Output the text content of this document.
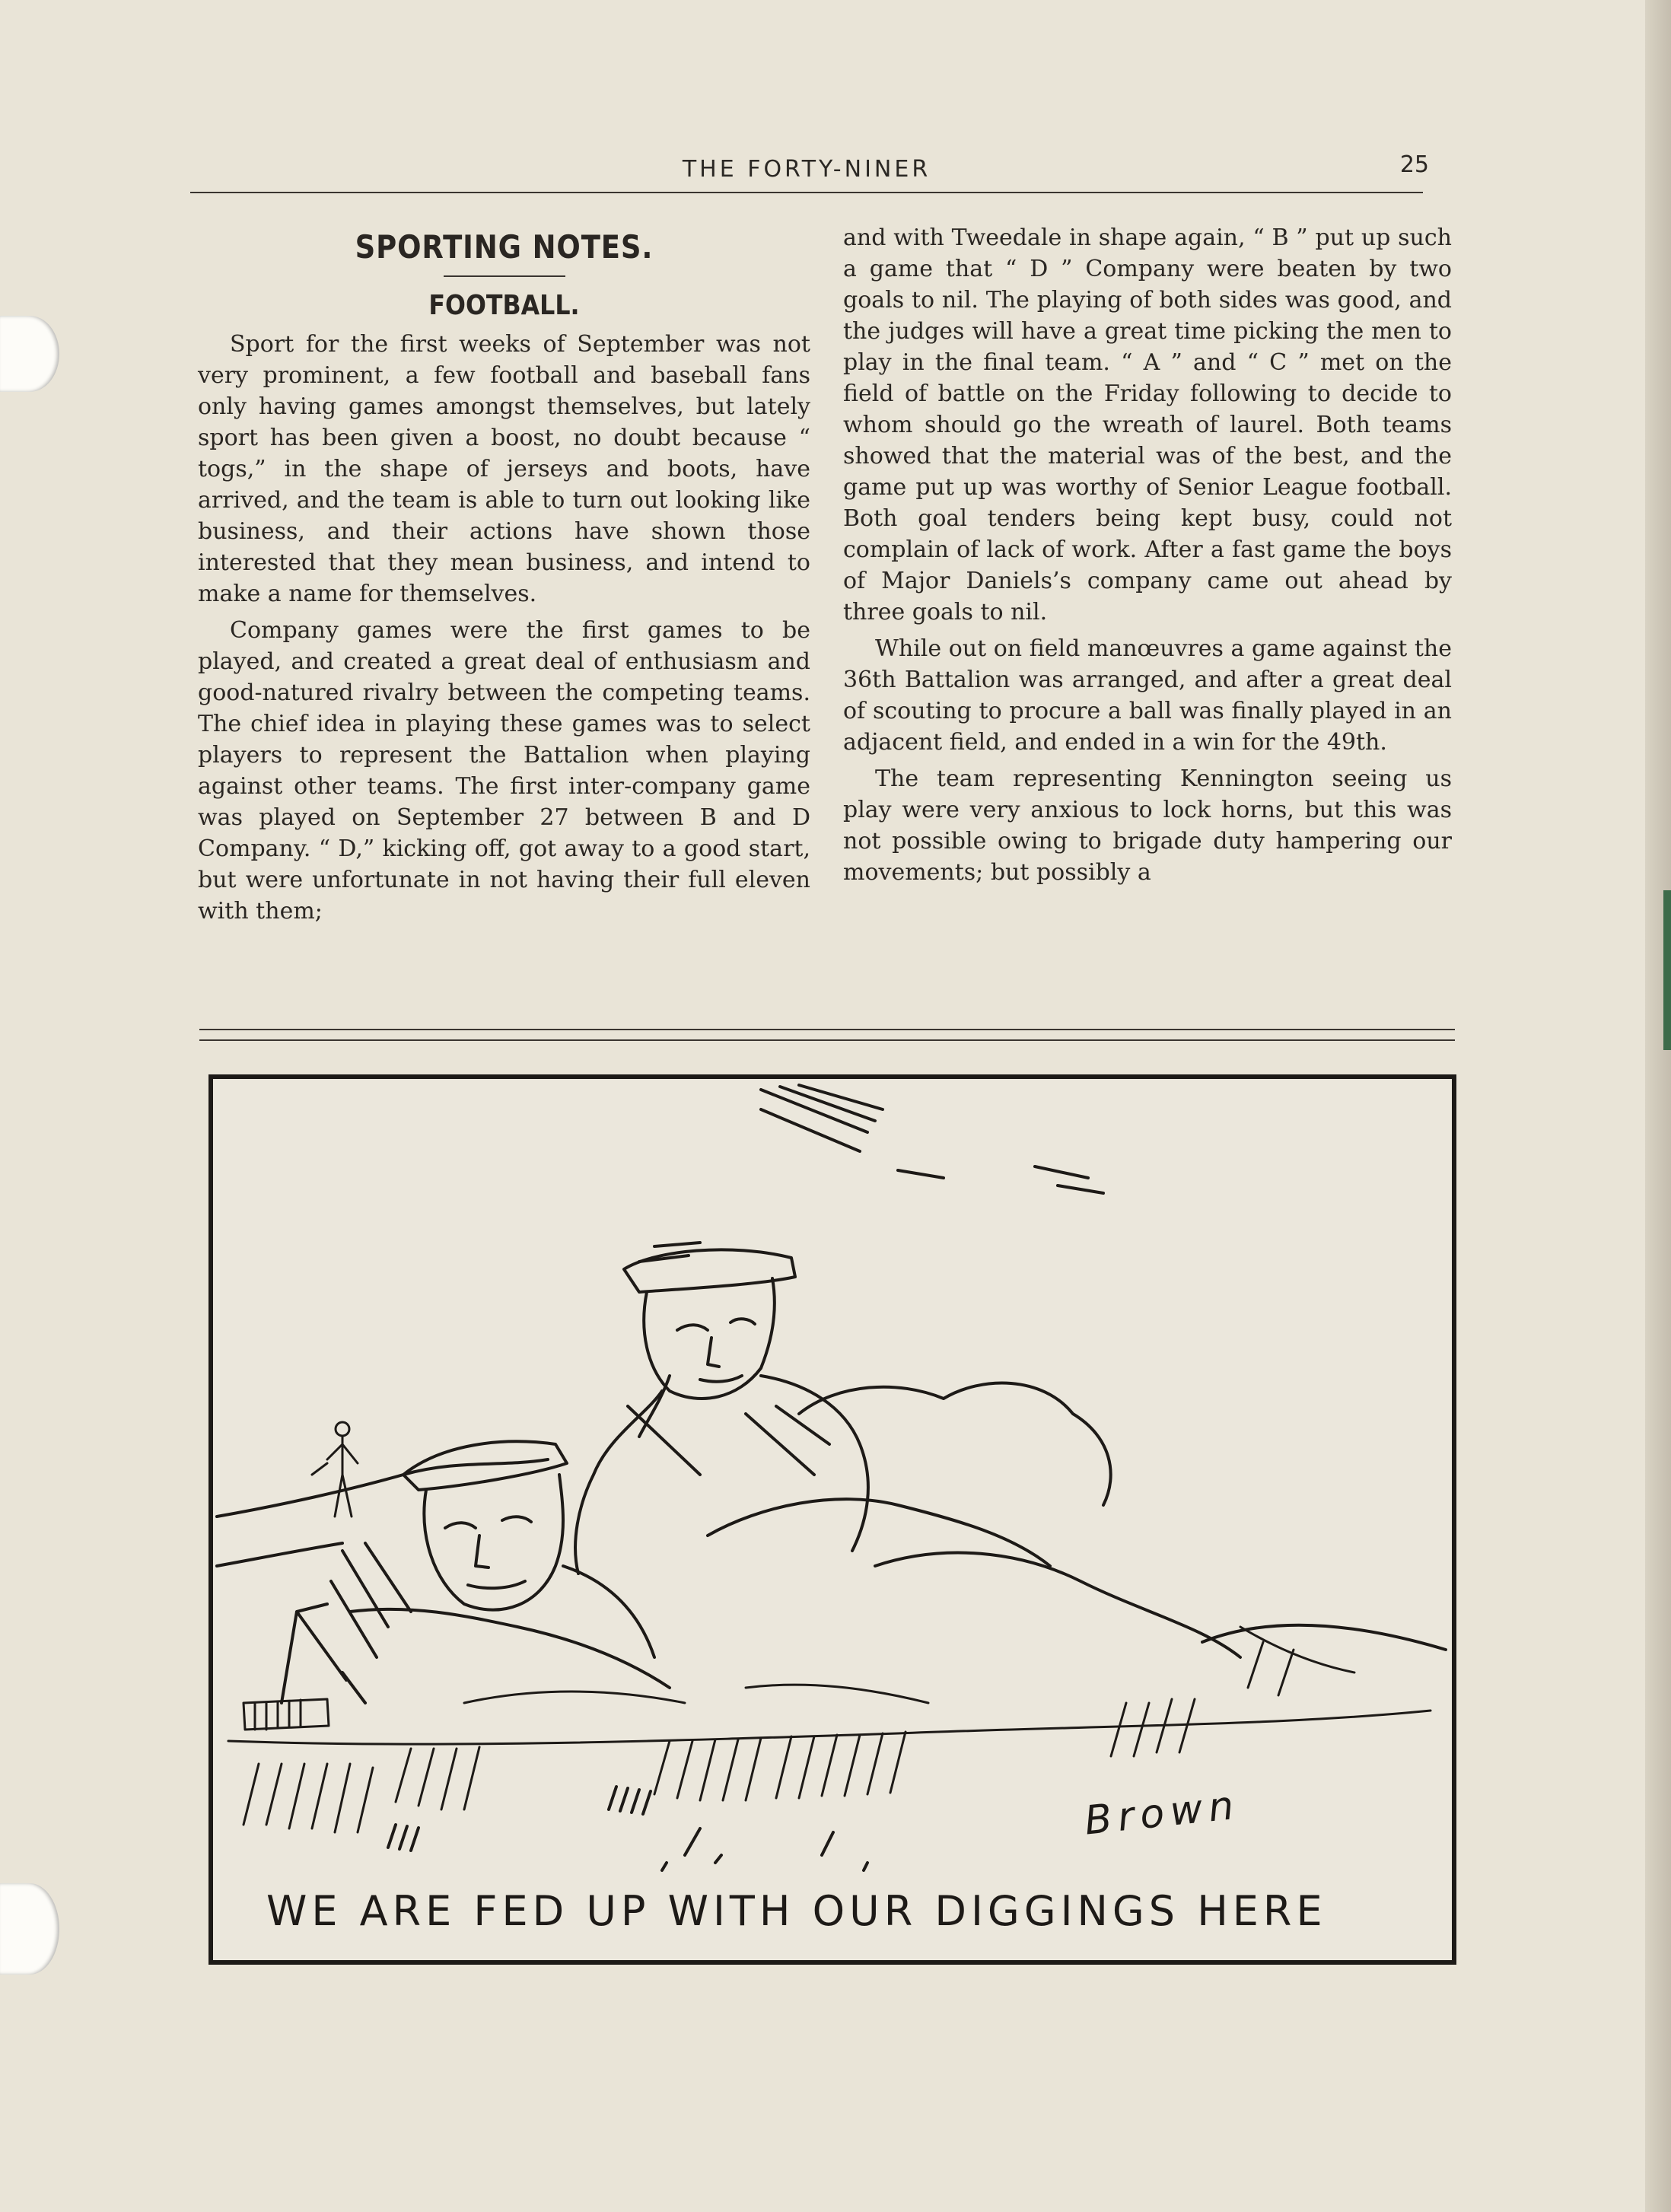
THE FORTY-NINER	25
SPORTING NOTES.
FOOTBALL.

Sport for the first weeks of September was not very prominent, a few football and baseball fans only having games amongst themselves, but lately sport has been given a boost, no doubt because “ togs,” in the shape of jerseys and boots, have arrived, and the team is able to turn out looking like business, and their actions have shown those interested that they mean business, and intend to make a name for themselves.

Company games were the first games to be played, and created a great deal of enthusiasm and good-natured rivalry between the competing teams. The chief idea in playing these games was to select players to represent the Battalion when playing against other teams. The first inter-company game was played on September 27 between B and D Company. “ D,” kicking off, got away to a good start, but were unfortunate in not having their full eleven with them;

and with Tweedale in shape again, “ B ” put up such a game that “ D ” Company were beaten by two goals to nil. The playing of both sides was good, and the judges will have a great time picking the men to play in the final team. “ A ” and “ C ” met on the field of battle on the Friday following to decide to whom should go the wreath of laurel. Both teams showed that the material was of the best, and the game put up was worthy of Senior League football. Both goal tenders being kept busy, could not complain of lack of work. After a fast game the boys of Major Daniels’s company came out ahead by three goals to nil.

While out on field manœuvres a game against the 36th Battalion was arranged, and after a great deal of scouting to procure a ball was finally played in an adjacent field, and ended in a win for the 49th.

The team representing Kennington seeing us play were very anxious to lock horns, but this was not possible owing to brigade duty hampering our movements; but possibly a

Brown
WE ARE FED UP WITH OUR DIGGINGS HERE
